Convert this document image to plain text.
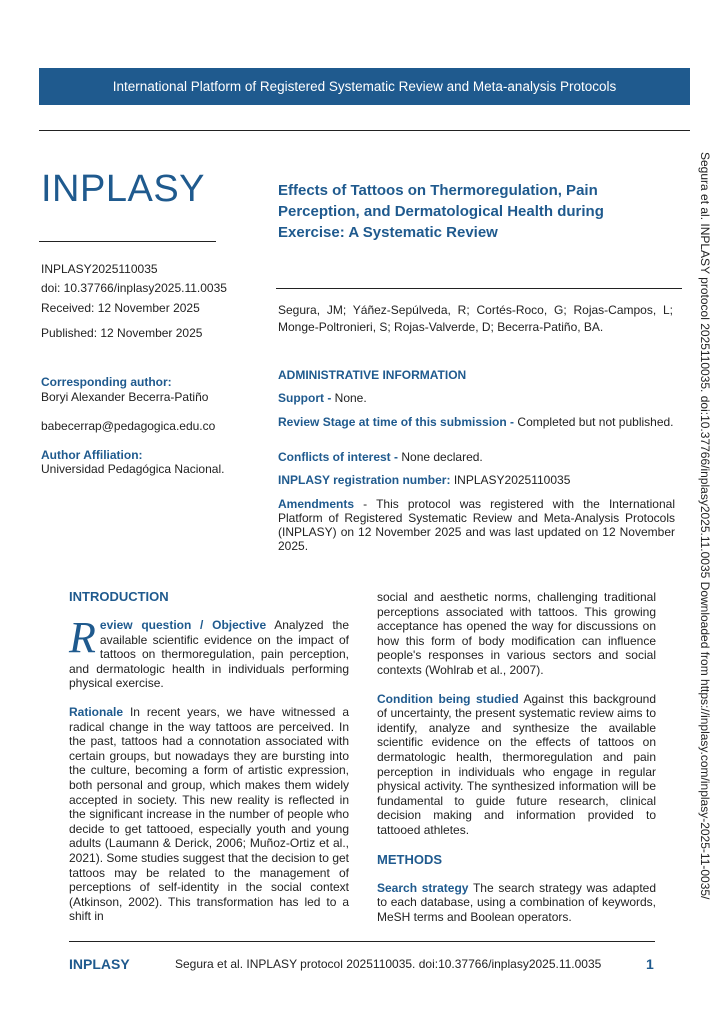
International Platform of Registered Systematic Review and Meta-analysis Protocols
INPLASY
INPLASY2025110035
doi: 10.37766/inplasy2025.11.0035
Received: 12 November 2025
Published: 12 November 2025
Corresponding author:
Boryi Alexander Becerra-Patiño
babecerrap@pedagogica.edu.co
Author Affiliation:
Universidad Pedagógica Nacional.
Effects of Tattoos on Thermoregulation, Pain Perception, and Dermatological Health during Exercise: A Systematic Review
Segura, JM; Yáñez-Sepúlveda, R; Cortés-Roco, G; Rojas-Campos, L; Monge-Poltronieri, S; Rojas-Valverde, D; Becerra-Patiño, BA.
ADMINISTRATIVE INFORMATION
Support - None.
Review Stage at time of this submission - Completed but not published.
Conflicts of interest - None declared.
INPLASY registration number: INPLASY2025110035
Amendments - This protocol was registered with the International Platform of Registered Systematic Review and Meta-Analysis Protocols (INPLASY) on 12 November 2025 and was last updated on 12 November 2025.
INTRODUCTION
Review question / Objective Analyzed the available scientific evidence on the impact of tattoos on thermoregulation, pain perception, and dermatologic health in individuals performing physical exercise.
Rationale In recent years, we have witnessed a radical change in the way tattoos are perceived. In the past, tattoos had a connotation associated with certain groups, but nowadays they are bursting into the culture, becoming a form of artistic expression, both personal and group, which makes them widely accepted in society. This new reality is reflected in the significant increase in the number of people who decide to get tattooed, especially youth and young adults (Laumann & Derick, 2006; Muñoz-Ortiz et al., 2021). Some studies suggest that the decision to get tattoos may be related to the management of perceptions of self-identity in the social context (Atkinson, 2002). This transformation has led to a shift in
social and aesthetic norms, challenging traditional perceptions associated with tattoos. This growing acceptance has opened the way for discussions on how this form of body modification can influence people's responses in various sectors and social contexts (Wohlrab et al., 2007).
Condition being studied Against this background of uncertainty, the present systematic review aims to identify, analyze and synthesize the available scientific evidence on the effects of tattoos on dermatologic health, thermoregulation and pain perception in individuals who engage in regular physical activity. The synthesized information will be fundamental to guide future research, clinical decision making and information provided to tattooed athletes.
METHODS
Search strategy The search strategy was adapted to each database, using a combination of keywords, MeSH terms and Boolean operators.
INPLASY	Segura et al. INPLASY protocol 2025110035. doi:10.37766/inplasy2025.11.0035	1
Segura et al. INPLASY protocol 2025110035. doi:10.37766/inplasy2025.11.0035 Downloaded from https://inplasy.com/inplasy-2025-11-0035/
